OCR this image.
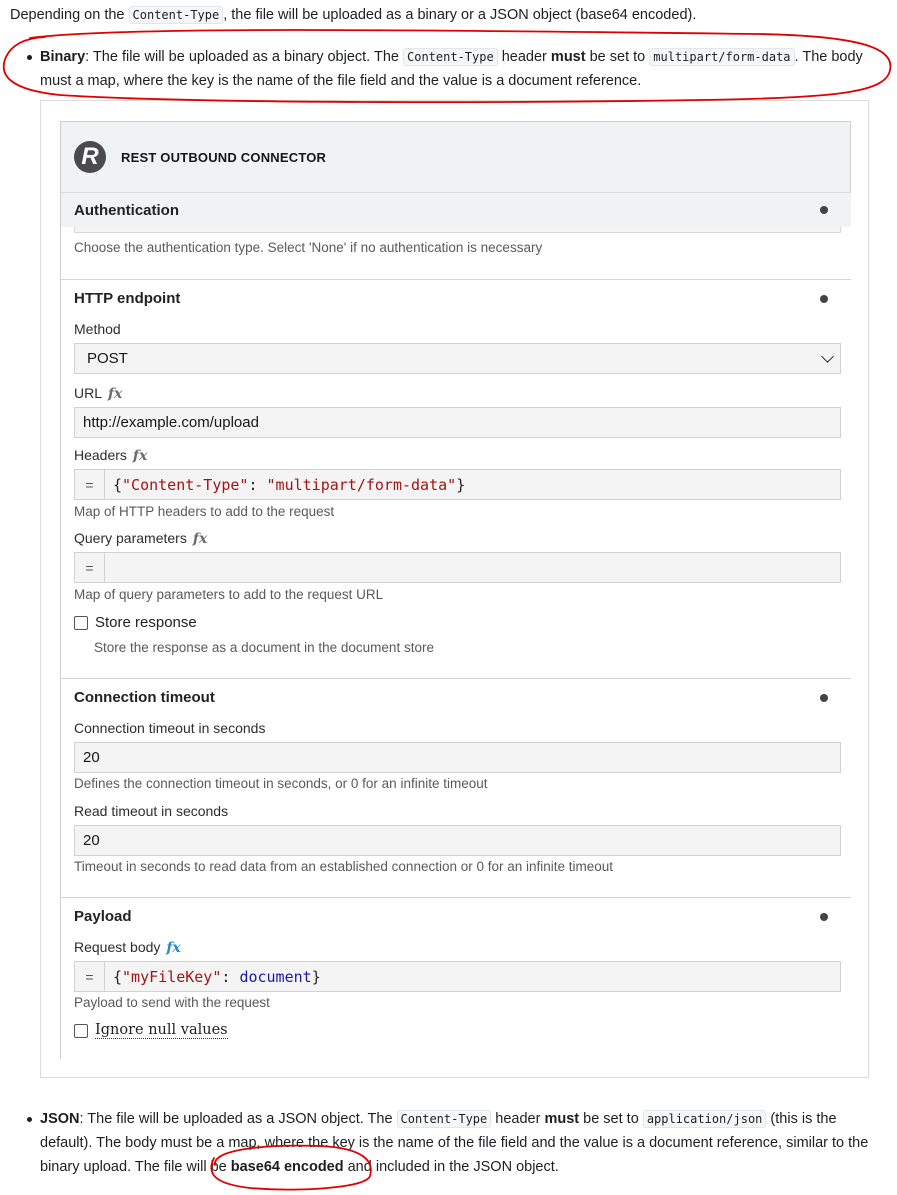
Depending on the Content-Type , the file will be uploaded as a binary or a JSON object (base64 encoded).
Binary: The file will be uploaded as a binary object. The Content-Type header must be set to multipart/form-data . The body must a map, where the key is the name of the file field and the value is a document reference.
R	REST OUTBOUND CONNECTOR
Authentication
Choose the authentication type. Select 'None' if no authentication is necessary
HTTP endpoint
Method
POST
URL fx
http://example.com/upload
Headers fx
=	{"Content-Type": "multipart/form-data"}
Map of HTTP headers to add to the request
Query parameters fx
=
Map of query parameters to add to the request URL
Store response
Store the response as a document in the document store
Connection timeout
Connection timeout in seconds
20
Defines the connection timeout in seconds, or 0 for an infinite timeout
Read timeout in seconds
20
Timeout in seconds to read data from an established connection or 0 for an infinite timeout
Payload
Request body fx
=	{"myFileKey": document}
Payload to send with the request
Ignore null values
JSON: The file will be uploaded as a JSON object. The Content-Type header must be set to application/json (this is the default). The body must be a map, where the key is the name of the file field and the value is a document reference, similar to the binary upload. The file will be base64 encoded and included in the JSON object.
